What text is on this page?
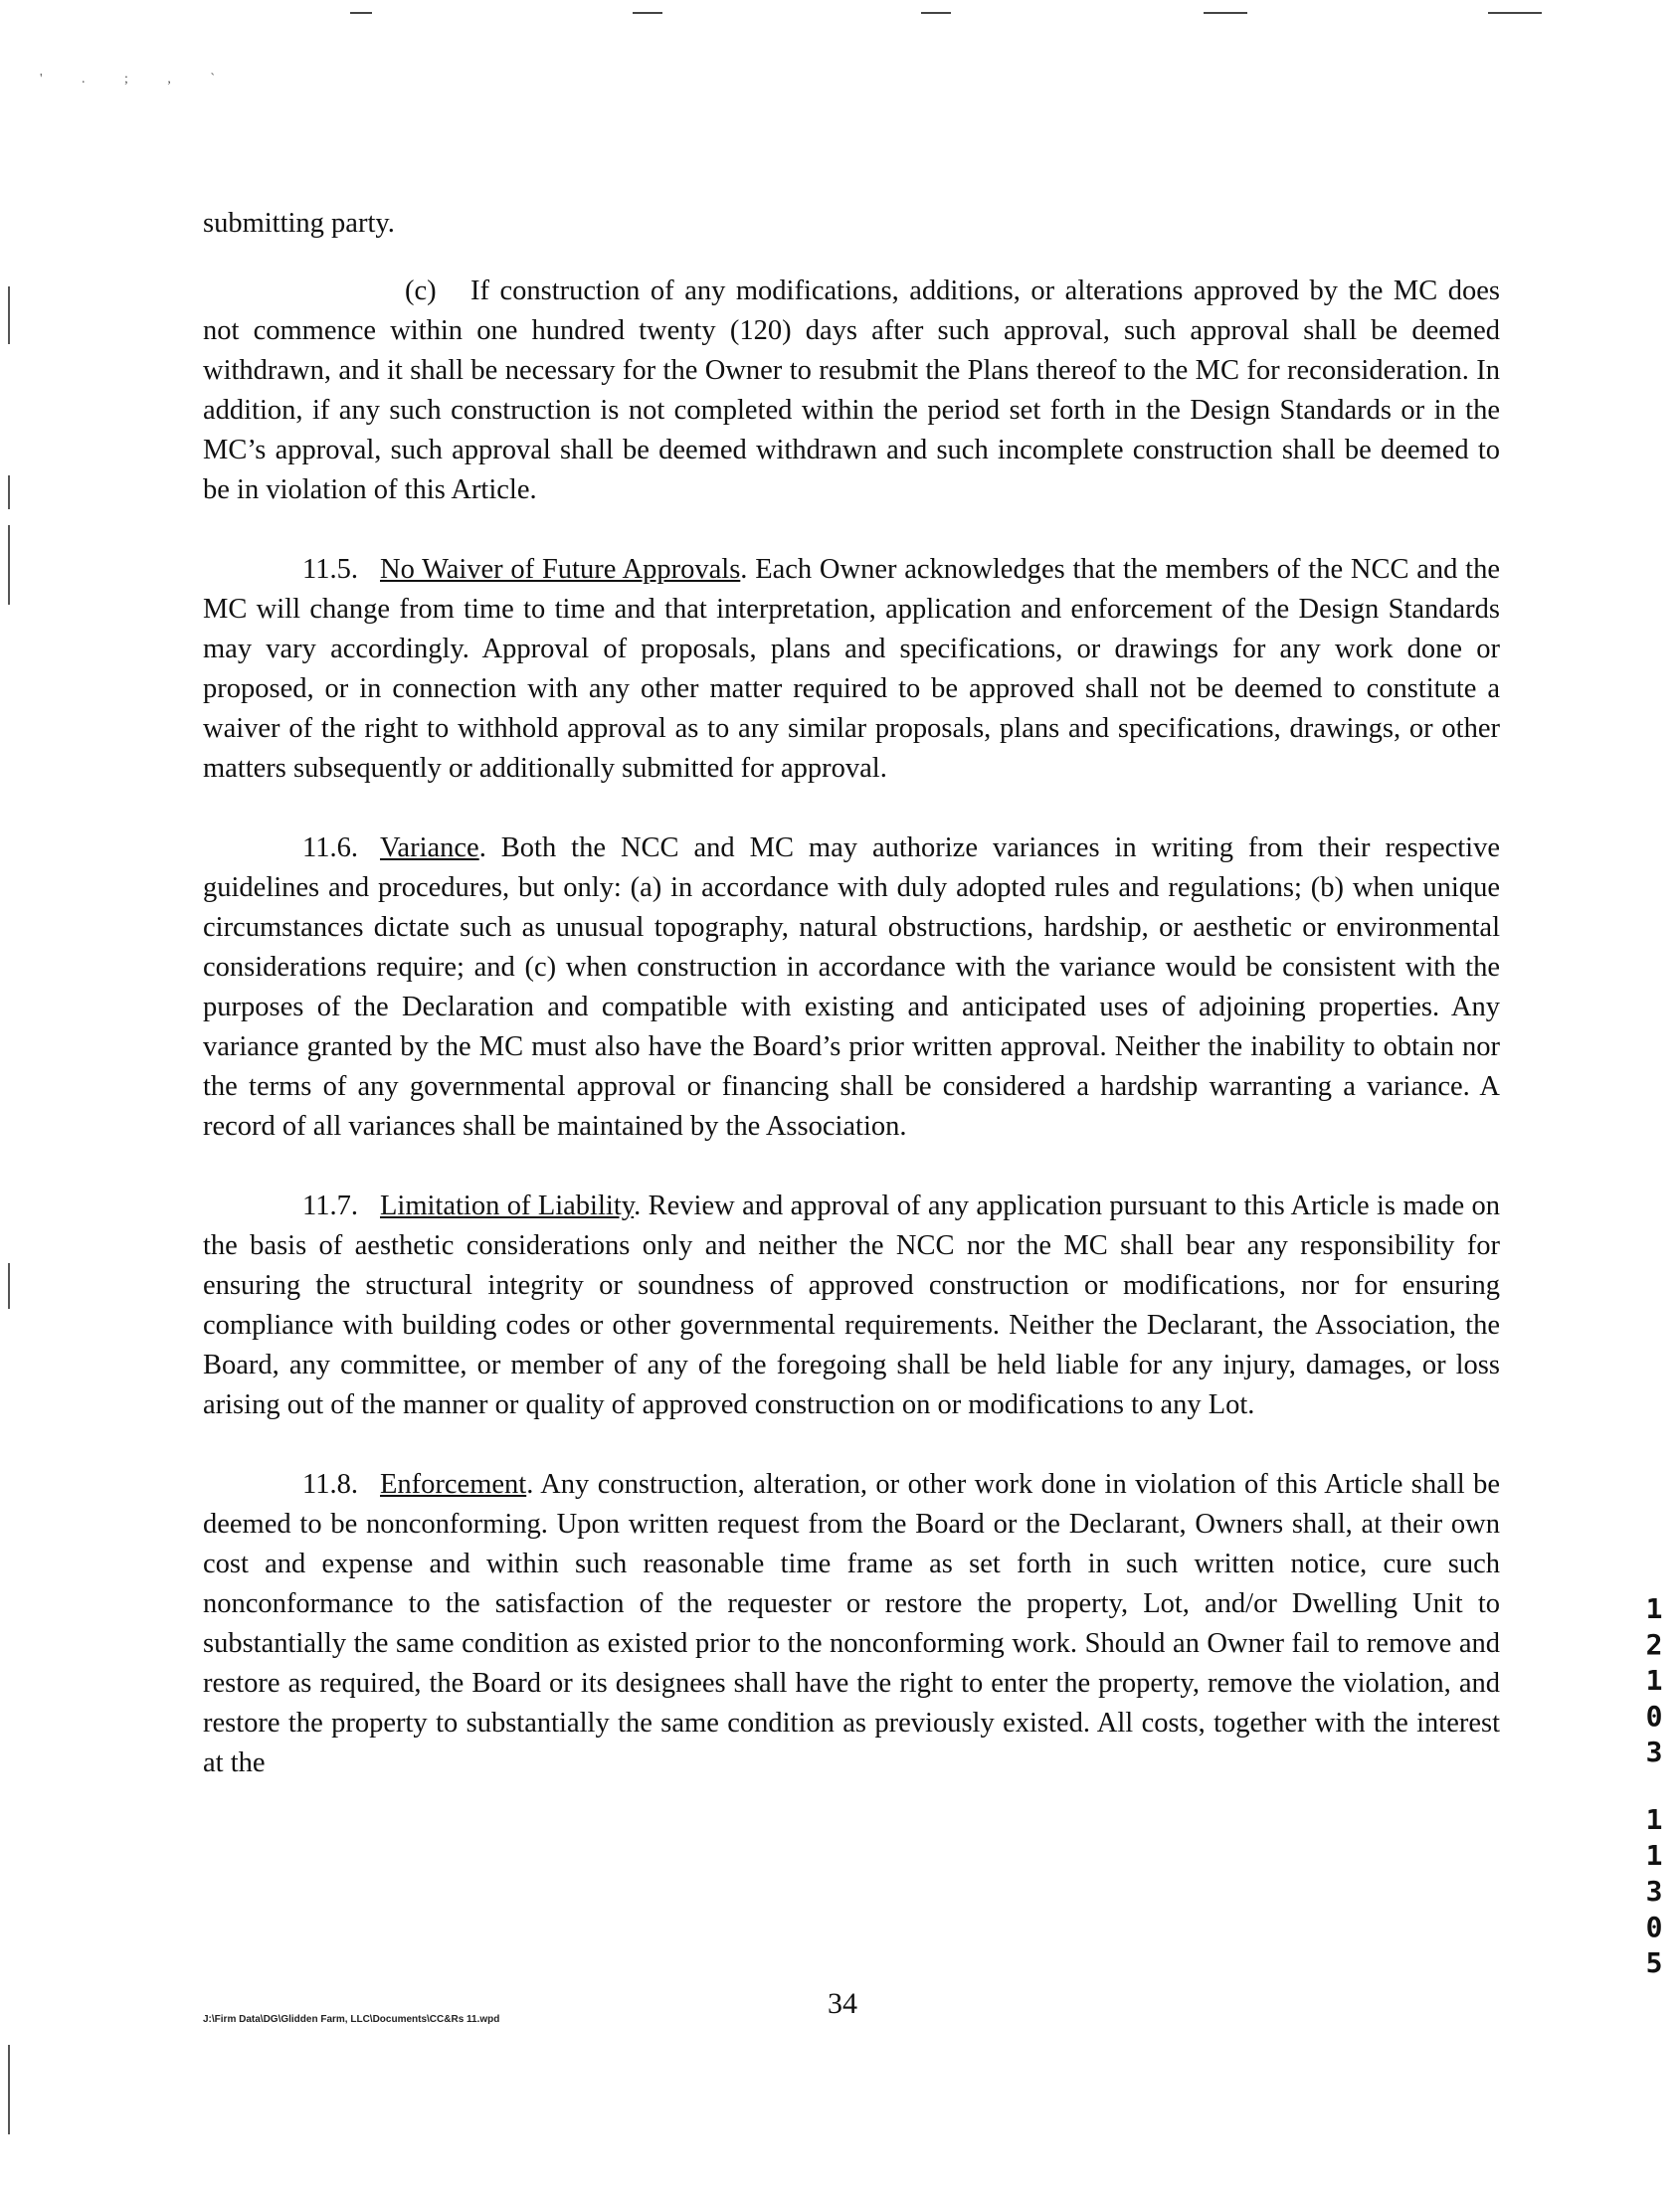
' . ; , `

submitting party.

(c) If construction of any modifications, additions, or alterations approved by the MC does not commence within one hundred twenty (120) days after such approval, such approval shall be deemed withdrawn, and it shall be necessary for the Owner to resubmit the Plans thereof to the MC for reconsideration. In addition, if any such construction is not completed within the period set forth in the Design Standards or in the MC’s approval, such approval shall be deemed withdrawn and such incomplete construction shall be deemed to be in violation of this Article.

11.5. No Waiver of Future Approvals. Each Owner acknowledges that the members of the NCC and the MC will change from time to time and that interpretation, application and enforcement of the Design Standards may vary accordingly. Approval of proposals, plans and specifications, or drawings for any work done or proposed, or in connection with any other matter required to be approved shall not be deemed to constitute a waiver of the right to withhold approval as to any similar proposals, plans and specifications, drawings, or other matters subsequently or additionally submitted for approval.

11.6. Variance. Both the NCC and MC may authorize variances in writing from their respective guidelines and procedures, but only: (a) in accordance with duly adopted rules and regulations; (b) when unique circumstances dictate such as unusual topography, natural obstructions, hardship, or aesthetic or environmental considerations require; and (c) when construction in accordance with the variance would be consistent with the purposes of the Declaration and compatible with existing and anticipated uses of adjoining properties. Any variance granted by the MC must also have the Board’s prior written approval. Neither the inability to obtain nor the terms of any governmental approval or financing shall be considered a hardship warranting a variance. A record of all variances shall be maintained by the Association.

11.7. Limitation of Liability. Review and approval of any application pursuant to this Article is made on the basis of aesthetic considerations only and neither the NCC nor the MC shall bear any responsibility for ensuring the structural integrity or soundness of approved construction or modifications, nor for ensuring compliance with building codes or other governmental requirements. Neither the Declarant, the Association, the Board, any committee, or member of any of the foregoing shall be held liable for any injury, damages, or loss arising out of the manner or quality of approved construction on or modifications to any Lot.

11.8. Enforcement. Any construction, alteration, or other work done in violation of this Article shall be deemed to be nonconforming. Upon written request from the Board or the Declarant, Owners shall, at their own cost and expense and within such reasonable time frame as set forth in such written notice, cure such nonconformance to the satisfaction of the requester or restore the property, Lot, and/or Dwelling Unit to substantially the same condition as existed prior to the nonconforming work. Should an Owner fail to remove and restore as required, the Board or its designees shall have the right to enter the property, remove the violation, and restore the property to substantially the same condition as previously existed. All costs, together with the interest at the

J:\Firm Data\DG\Glidden Farm, LLC\Documents\CC&Rs 11.wpd	34
1
2
1
0
3
1
1
3
0
5
